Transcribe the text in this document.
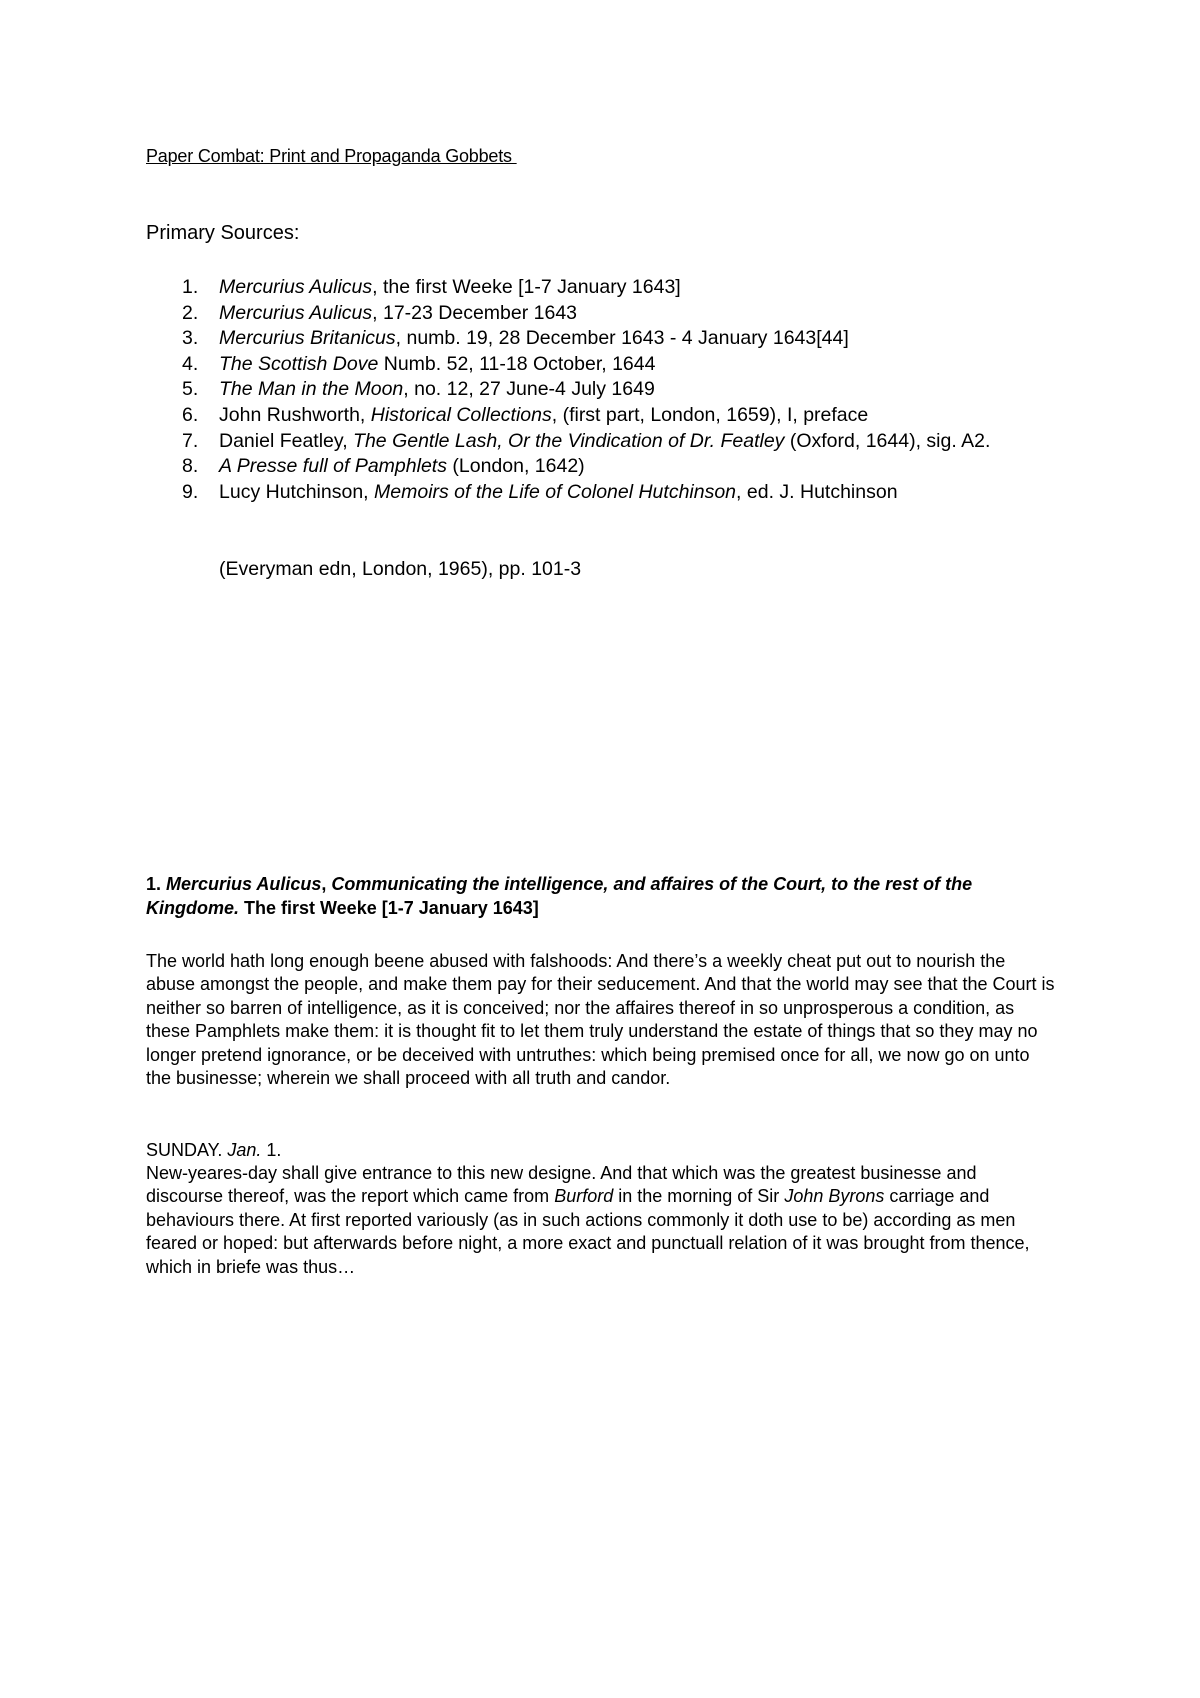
Paper Combat: Print and Propaganda Gobbets
Primary Sources:
1. Mercurius Aulicus, the first Weeke [1-7 January 1643]
2. Mercurius Aulicus, 17-23 December 1643
3. Mercurius Britanicus, numb. 19, 28 December 1643 - 4 January 1643[44]
4. The Scottish Dove Numb. 52, 11-18 October, 1644
5. The Man in the Moon, no. 12, 27 June-4 July 1649
6. John Rushworth, Historical Collections, (first part, London, 1659), I, preface
7. Daniel Featley, The Gentle Lash, Or the Vindication of Dr. Featley (Oxford, 1644), sig. A2.
8. A Presse full of Pamphlets (London, 1642)
9. Lucy Hutchinson, Memoirs of the Life of Colonel Hutchinson, ed. J. Hutchinson
(Everyman edn, London, 1965), pp. 101-3
1. Mercurius Aulicus, Communicating the intelligence, and affaires of the Court, to the rest of the Kingdome. The first Weeke [1-7 January 1643]

The world hath long enough beene abused with falshoods: And there’s a weekly cheat put out to nourish the abuse amongst the people, and make them pay for their seducement. And that the world may see that the Court is neither so barren of intelligence, as it is conceived; nor the affaires thereof in so unprosperous a condition, as these Pamphlets make them: it is thought fit to let them truly understand the estate of things that so they may no longer pretend ignorance, or be deceived with untruthes: which being premised once for all, we now go on unto the businesse; wherein we shall proceed with all truth and candor.

SUNDAY. Jan. 1.

New-yeares-day shall give entrance to this new designe. And that which was the greatest businesse and discourse thereof, was the report which came from Burford in the morning of Sir John Byrons carriage and behaviours there. At first reported variously (as in such actions commonly it doth use to be) according as men feared or hoped: but afterwards before night, a more exact and punctuall relation of it was brought from thence, which in briefe was thus…
